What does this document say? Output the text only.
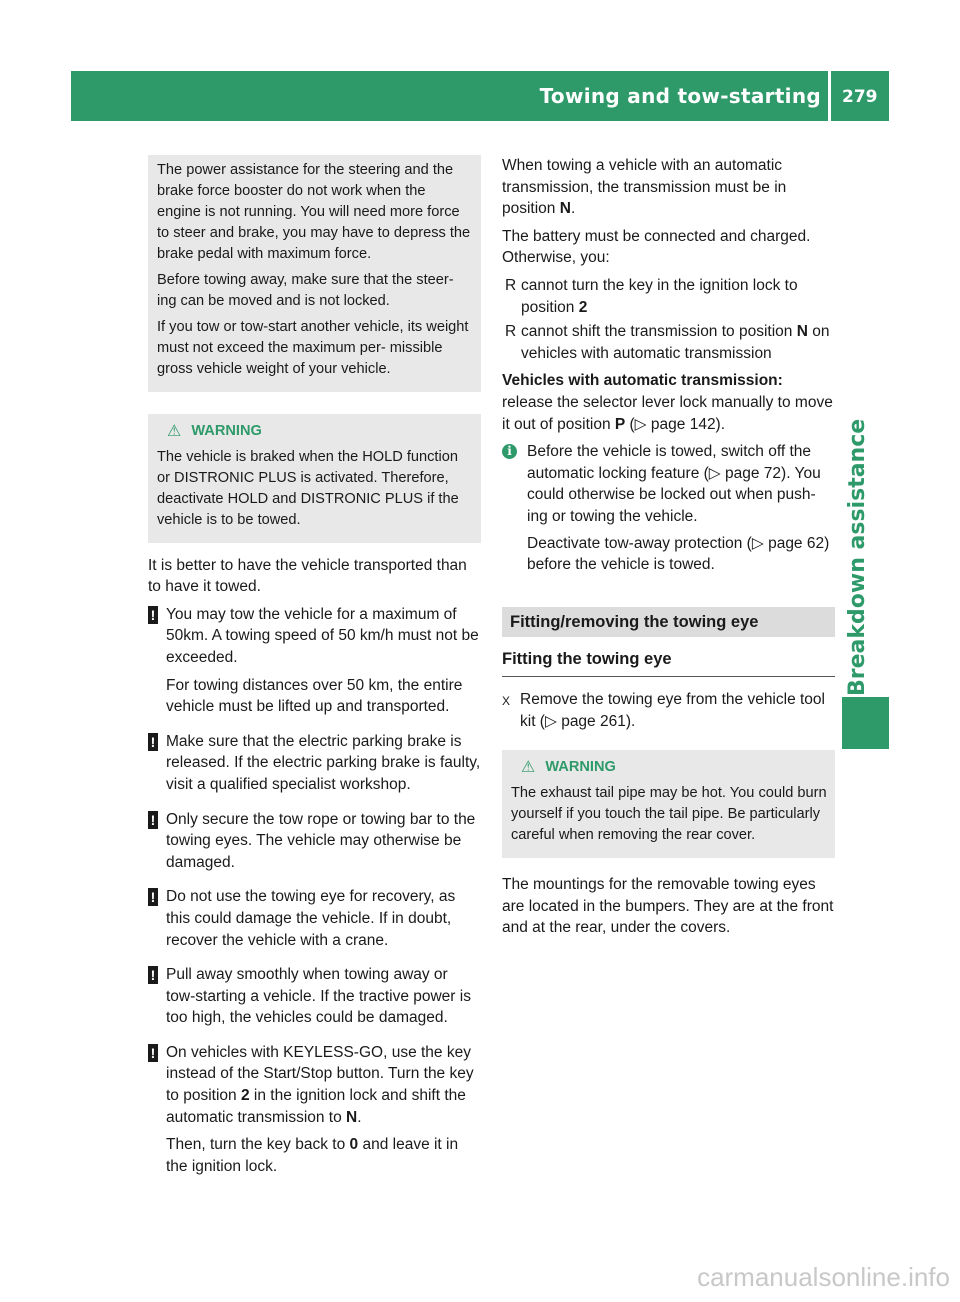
Towing and tow-starting 279
Breakdown assistance

The power assistance for the steering and the brake force booster do not work when the engine is not running. You will need more force to steer and brake, you may have to depress the brake pedal with maximum force.

Before towing away, make sure that the steer- ing can be moved and is not locked.

If you tow or tow-start another vehicle, its weight must not exceed the maximum per- missible gross vehicle weight of your vehicle.

⚠ WARNING

The vehicle is braked when the HOLD function or DISTRONIC PLUS is activated. Therefore, deactivate HOLD and DISTRONIC PLUS if the vehicle is to be towed.

It is better to have the vehicle transported than to have it towed.

! You may tow the vehicle for a maximum of 50km. A towing speed of 50 km/h must not be exceeded.

For towing distances over 50 km, the entire vehicle must be lifted up and transported.

! Make sure that the electric parking brake is released. If the electric parking brake is faulty, visit a qualified specialist workshop.

! Only secure the tow rope or towing bar to the towing eyes. The vehicle may otherwise be damaged.

! Do not use the towing eye for recovery, as this could damage the vehicle. If in doubt, recover the vehicle with a crane.

! Pull away smoothly when towing away or tow-starting a vehicle. If the tractive power is too high, the vehicles could be damaged.

! On vehicles with KEYLESS-GO, use the key instead of the Start/Stop button. Turn the key to position 2 in the ignition lock and shift the automatic transmission to N.

Then, turn the key back to 0 and leave it in the ignition lock.

When towing a vehicle with an automatic transmission, the transmission must be in position N.

The battery must be connected and charged. Otherwise, you:

R cannot turn the key in the ignition lock to position 2
R cannot shift the transmission to position N on vehicles with automatic transmission

Vehicles with automatic transmission:
release the selector lever lock manually to move it out of position P (▷ page 142).

i Before the vehicle is towed, switch off the automatic locking feature (▷ page 72). You could otherwise be locked out when push- ing or towing the vehicle.

Deactivate tow-away protection (▷ page 62) before the vehicle is towed.

Fitting/removing the towing eye
Fitting the towing eye
X Remove the towing eye from the vehicle tool kit (▷ page 261).
⚠ WARNING

The exhaust tail pipe may be hot. You could burn yourself if you touch the tail pipe. Be particularly careful when removing the rear cover.

The mountings for the removable towing eyes are located in the bumpers. They are at the front and at the rear, under the covers.

carmanualsonline.info
